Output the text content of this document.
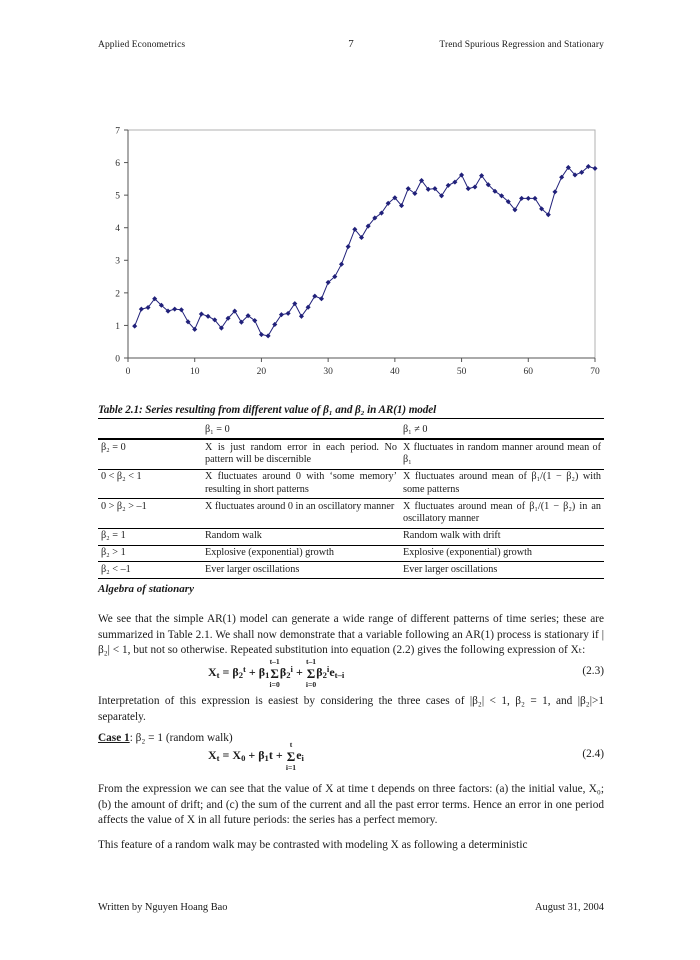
Applied Econometrics	7	Trend Spurious Regression and Stationary
0
1
2
3
4
5
6
7
0	10	20	30	40	50	60	70
Table 2.1: Series resulting from different value of β₁ and β₂ in AR(1) model
	β₁ = 0	β₁ ≠ 0
β₂ = 0	X is just random error in each period. No pattern will be discernible	X fluctuates in random manner around mean of β₁
0 < β₂ < 1	X fluctuates around 0 with ‘some memory’ resulting in short patterns	X fluctuates around mean of β₁/(1 − β₂) with some patterns
0 > β₂ > –1	X fluctuates around 0 in an oscillatory manner	X fluctuates around mean of β₁/(1 − β₂) in an oscillatory manner
β₂ = 1	Random walk	Random walk with drift
β₂ > 1	Explosive (exponential) growth	Explosive (exponential) growth
β₂ < –1	Ever larger oscillations	Ever larger oscillations
Algebra of stationary
We see that the simple AR(1) model can generate a wide range of different patterns of time series; these are summarized in Table 2.1. We shall now demonstrate that a variable following an AR(1) process is stationary if |β₂| < 1, but not so otherwise. Repeated substitution into equation (2.2) gives the following expression of Xₜ:
(2.3)
$X_t = \beta_2^t + \beta_1$
t–1
Σ
i=0
$\beta_2^i$ +
t–1
Σ
i=0
$\beta_2^ie_{t-i}$
Interpretation of this expression is easiest by considering the three cases of |β₂| < 1, β₂ = 1, and |β₂|>1 separately.
Case 1: β₂ = 1 (random walk)
(2.4)
$X_t = X_0 + \beta_1t$ +
t
Σ
i=1
$e_i$
From the expression we can see that the value of X at time t depends on three factors: (a) the initial value, X₀; (b) the amount of drift; and (c) the sum of the current and all the past error terms. Hence an error in one period affects the value of X in all future periods: the series has a perfect memory.
This feature of a random walk may be contrasted with modeling X as following a deterministic
Written by Nguyen Hoang Bao	August 31, 2004
